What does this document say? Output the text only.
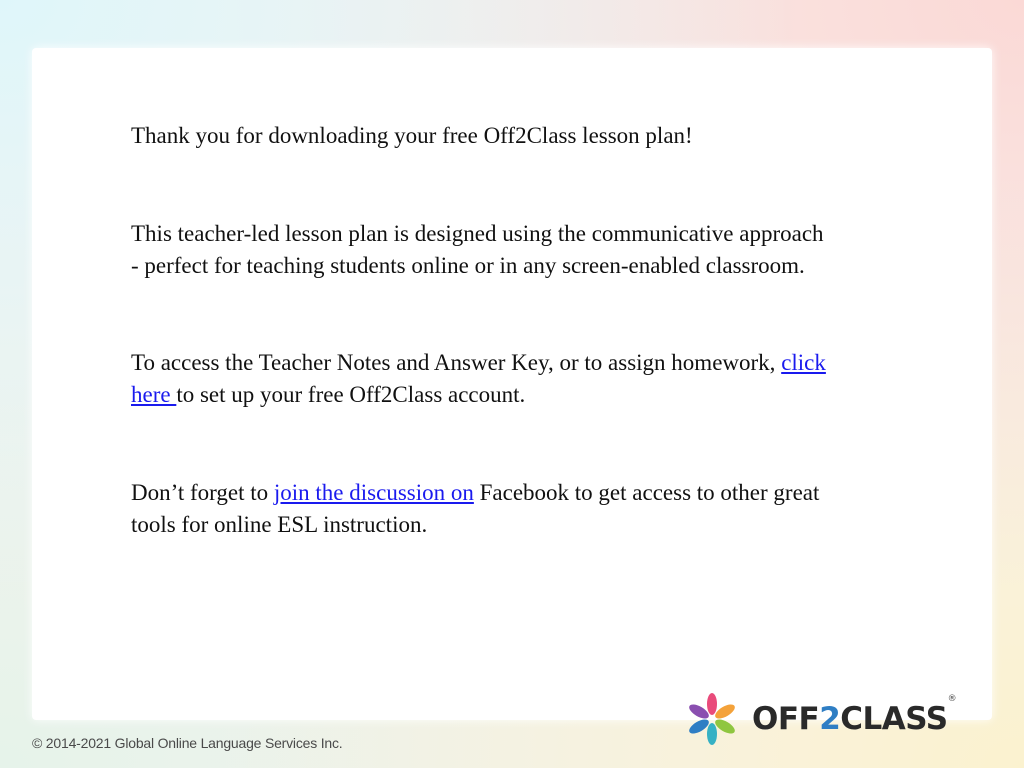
Thank you for downloading your free Off2Class lesson plan!

This teacher-led lesson plan is designed using the communicative approach - perfect for teaching students online or in any screen-enabled classroom.

To access the Teacher Notes and Answer Key, or to assign homework, click here to set up your free Off2Class account.

Don’t forget to join the discussion on Facebook to get access to other great tools for online ESL instruction.

OFF2CLASS
®
© 2014-2021 Global Online Language Services Inc.
